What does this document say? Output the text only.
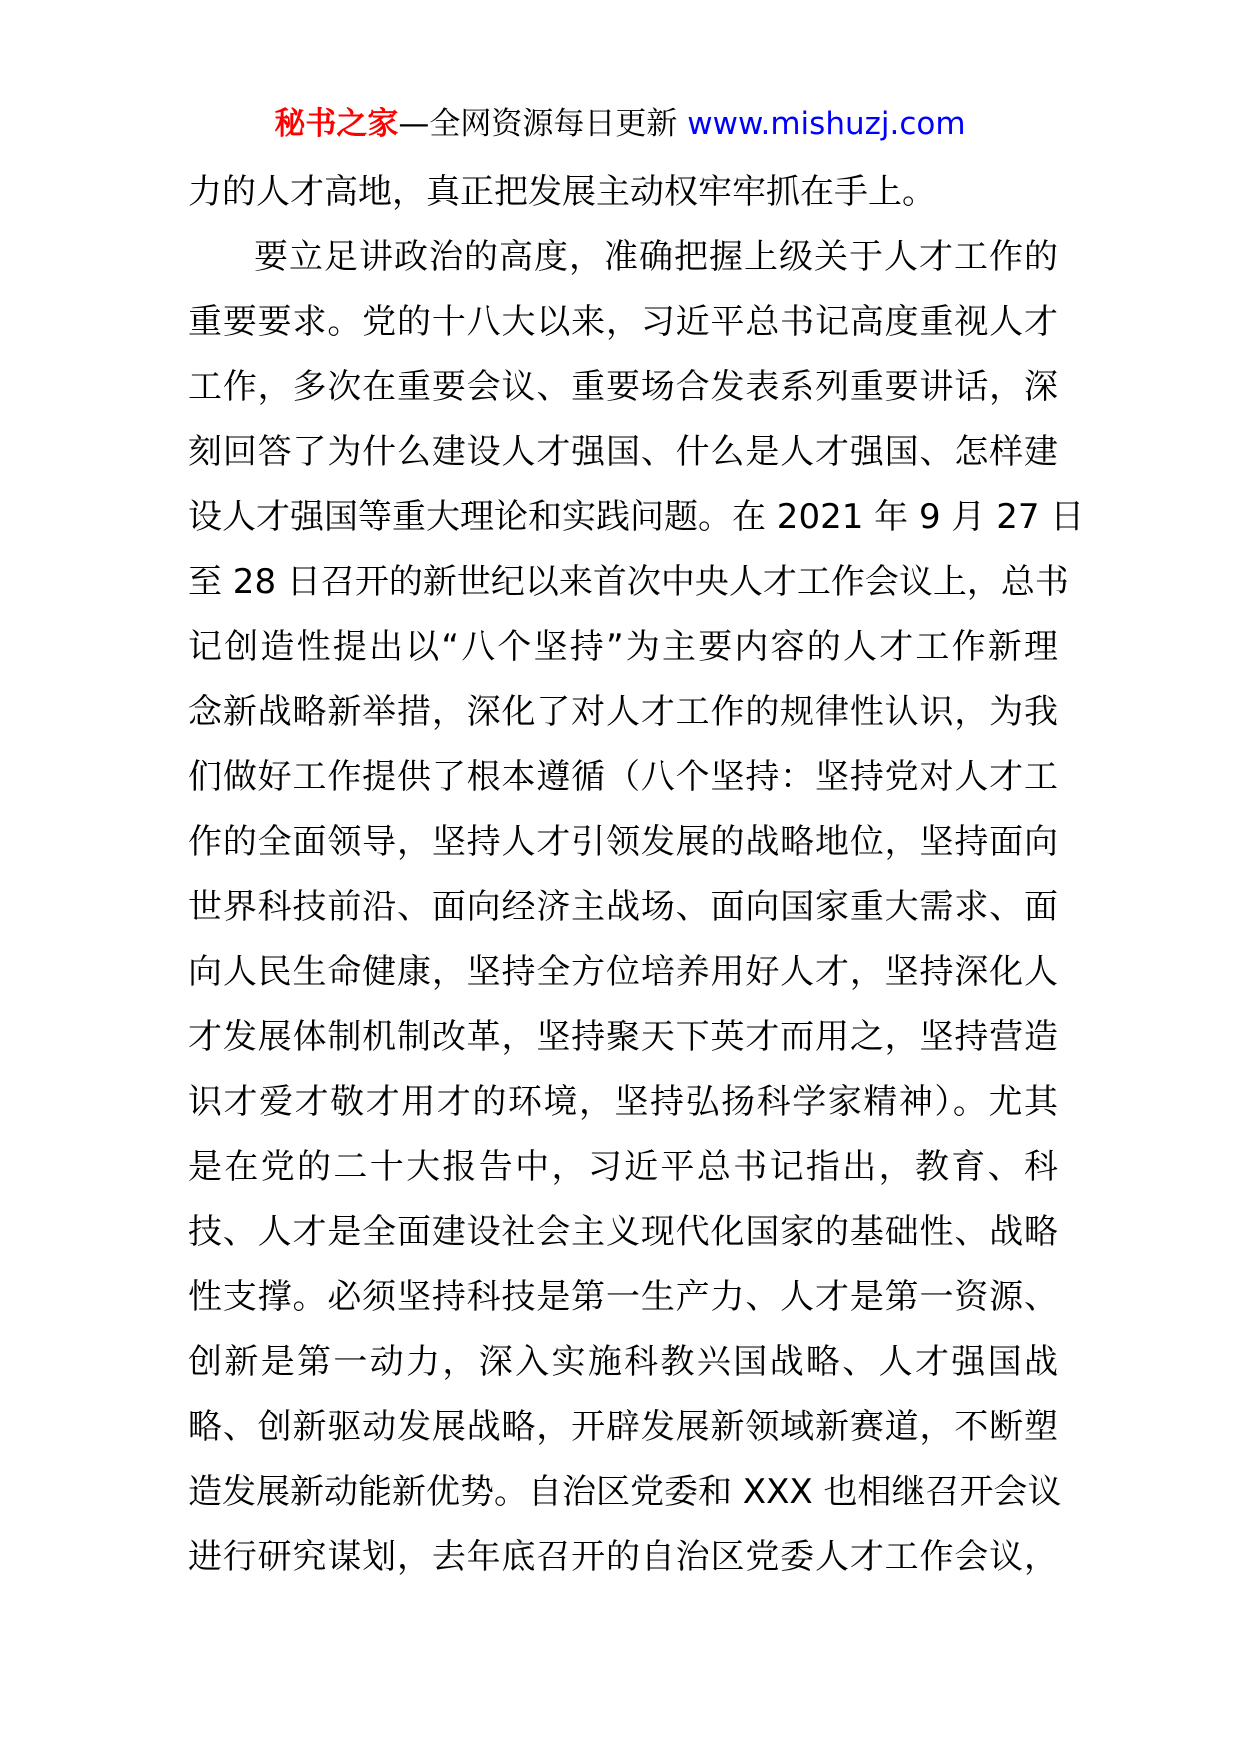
秘书之家—全网资源每日更新 www.mishuzj.com
力的人才高地，真正把发展主动权牢牢抓在手上。
要立足讲政治的高度，准确把握上级关于人才工作的
重要要求。党的十八大以来，习近平总书记高度重视人才
工作，多次在重要会议、重要场合发表系列重要讲话，深
刻回答了为什么建设人才强国、什么是人才强国、怎样建
设人才强国等重大理论和实践问题。在 2021 年 9 月 27 日
至 28 日召开的新世纪以来首次中央人才工作会议上，总书
记创造性提出以“八个坚持”为主要内容的人才工作新理
念新战略新举措，深化了对人才工作的规律性认识，为我
们做好工作提供了根本遵循（八个坚持：坚持党对人才工
作的全面领导，坚持人才引领发展的战略地位，坚持面向
世界科技前沿、面向经济主战场、面向国家重大需求、面
向人民生命健康，坚持全方位培养用好人才，坚持深化人
才发展体制机制改革，坚持聚天下英才而用之，坚持营造
识才爱才敬才用才的环境，坚持弘扬科学家精神）。尤其
是在党的二十大报告中，习近平总书记指出，教育、科
技、人才是全面建设社会主义现代化国家的基础性、战略
性支撑。必须坚持科技是第一生产力、人才是第一资源、
创新是第一动力，深入实施科教兴国战略、人才强国战
略、创新驱动发展战略，开辟发展新领域新赛道，不断塑
造发展新动能新优势。自治区党委和 XXX 也相继召开会议
进行研究谋划，去年底召开的自治区党委人才工作会议，
